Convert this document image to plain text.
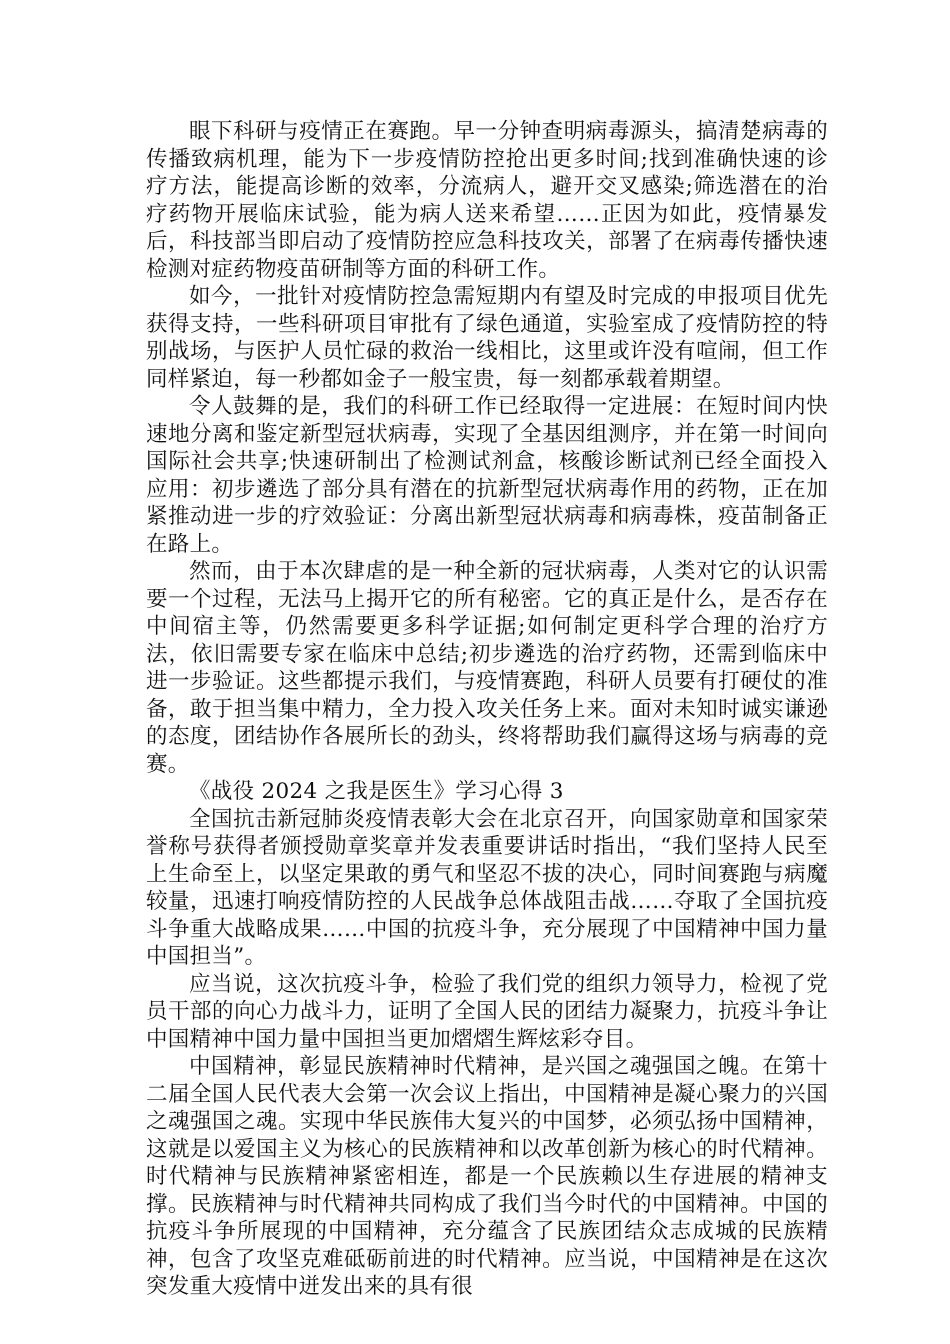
眼下科研与疫情正在赛跑。早一分钟查明病毒源头，搞清楚病毒的传播致病机理，能为下一步疫情防控抢出更多时间;找到准确快速的诊疗方法，能提高诊断的效率，分流病人，避开交叉感染;筛选潜在的治疗药物开展临床试验，能为病人送来希望……正因为如此，疫情暴发后，科技部当即启动了疫情防控应急科技攻关，部署了在病毒传播快速检测对症药物疫苗研制等方面的科研工作。

如今，一批针对疫情防控急需短期内有望及时完成的申报项目优先获得支持，一些科研项目审批有了绿色通道，实验室成了疫情防控的特别战场，与医护人员忙碌的救治一线相比，这里或许没有喧闹，但工作同样紧迫，每一秒都如金子一般宝贵，每一刻都承载着期望。

令人鼓舞的是，我们的科研工作已经取得一定进展：在短时间内快速地分离和鉴定新型冠状病毒，实现了全基因组测序，并在第一时间向国际社会共享;快速研制出了检测试剂盒，核酸诊断试剂已经全面投入应用：初步遴选了部分具有潜在的抗新型冠状病毒作用的药物，正在加紧推动进一步的疗效验证：分离出新型冠状病毒和病毒株，疫苗制备正在路上。

然而，由于本次肆虐的是一种全新的冠状病毒，人类对它的认识需要一个过程，无法马上揭开它的所有秘密。它的真正是什么，是否存在中间宿主等，仍然需要更多科学证据;如何制定更科学合理的治疗方法，依旧需要专家在临床中总结;初步遴选的治疗药物，还需到临床中进一步验证。这些都提示我们，与疫情赛跑，科研人员要有打硬仗的准备，敢于担当集中精力，全力投入攻关任务上来。面对未知时诚实谦逊的态度，团结协作各展所长的劲头，终将帮助我们赢得这场与病毒的竞赛。

《战役 2024 之我是医生》学习心得 3

全国抗击新冠肺炎疫情表彰大会在北京召开，向国家勋章和国家荣誉称号获得者颁授勋章奖章并发表重要讲话时指出，“我们坚持人民至上生命至上，以坚定果敢的勇气和坚忍不拔的决心，同时间赛跑与病魔较量，迅速打响疫情防控的人民战争总体战阻击战……夺取了全国抗疫斗争重大战略成果……中国的抗疫斗争，充分展现了中国精神中国力量中国担当”。

应当说，这次抗疫斗争，检验了我们党的组织力领导力，检视了党员干部的向心力战斗力，证明了全国人民的团结力凝聚力，抗疫斗争让中国精神中国力量中国担当更加熠熠生辉炫彩夺目。

中国精神，彰显民族精神时代精神，是兴国之魂强国之魄。在第十二届全国人民代表大会第一次会议上指出，中国精神是凝心聚力的兴国之魂强国之魂。实现中华民族伟大复兴的中国梦，必须弘扬中国精神，这就是以爱国主义为核心的民族精神和以改革创新为核心的时代精神。时代精神与民族精神紧密相连，都是一个民族赖以生存进展的精神支撑。民族精神与时代精神共同构成了我们当今时代的中国精神。中国的抗疫斗争所展现的中国精神，充分蕴含了民族团结众志成城的民族精神，包含了攻坚克难砥砺前进的时代精神。应当说，中国精神是在这次突发重大疫情中迸发出来的具有很
